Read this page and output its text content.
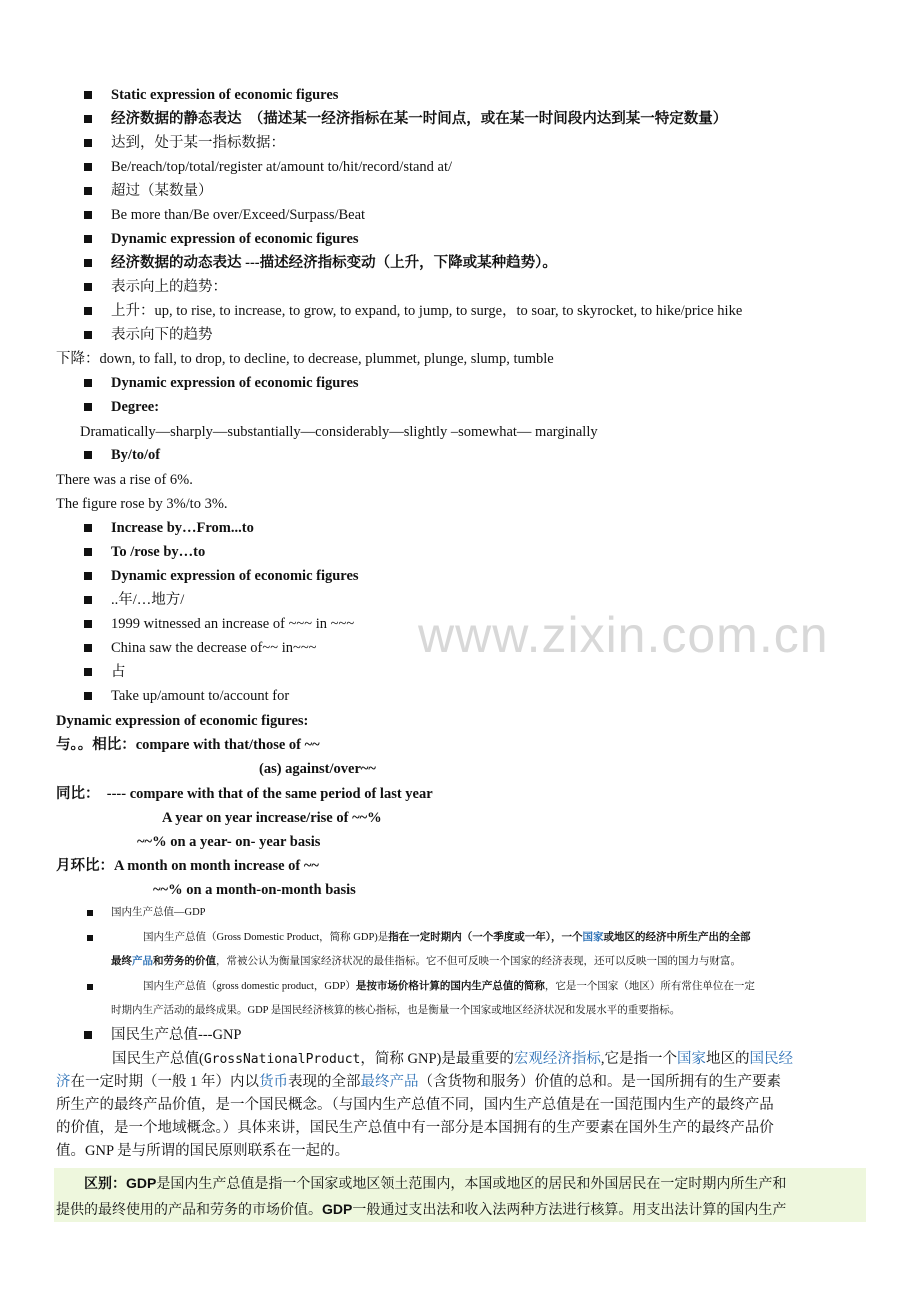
www.zixin.com.cn
Static expression of economic figures
经济数据的静态表达　（描述某一经济指标在某一时间点，或在某一时间段内达到某一特定数量）
达到，处于某一指标数据：
Be/reach/top/total/register at/amount to/hit/record/stand at/
超过（某数量）
Be more than/Be over/Exceed/Surpass/Beat
Dynamic expression of economic figures
经济数据的动态表达 ---描述经济指标变动（上升，下降或某种趋势）。
表示向上的趋势：
上升：up, to rise, to increase, to grow, to expand, to jump, to surge，to soar, to skyrocket, to hike/price hike
表示向下的趋势
下降：down, to fall, to drop, to decline, to decrease, plummet, plunge, slump, tumble
Dynamic expression of economic figures
Degree:
Dramatically—sharply—substantially—considerably—slightly –somewhat— marginally
By/to/of
There was a rise of 6%.
The figure rose by 3%/to 3%.
Increase by…From...to
To /rose by…to
Dynamic expression of economic figures
..年/…地方/
1999 witnessed an increase of ~~~ in ~~~
China saw the decrease of~~ in~~~
占
Take up/amount to/account for
Dynamic expression of economic figures:
与。。相比：compare with that/those of ~~
(as) against/over~~
同比：　---- compare with that of the same period of last year
A year on year increase/rise of ~~%
~~% on a year- on- year basis
月环比：A month on month increase of ~~
~~% on a month-on-month basis
国内生产总值—GDP
国内生产总值（Gross Domestic Product，简称 GDP)是指在一定时期内（一个季度或一年），一个国家或地区的经济中所生产出的全部
最终产品和劳务的价值，常被公认为衡量国家经济状况的最佳指标。它不但可反映一个国家的经济表现，还可以反映一国的国力与财富。
国内生产总值（gross domestic product，GDP）是按市场价格计算的国内生产总值的简称，它是一个国家（地区）所有常住单位在一定
时期内生产活动的最终成果。GDP 是国民经济核算的核心指标，也是衡量一个国家或地区经济状况和发展水平的重要指标。
国民生产总值---GNP
国民生产总值(GrossNationalProduct，简称 GNP)是最重要的宏观经济指标,它是指一个国家地区的国民经
济在一定时期（一般 1 年）内以货币表现的全部最终产品（含货物和服务）价值的总和。是一国所拥有的生产要素
所生产的最终产品价值，是一个国民概念。（与国内生产总值不同，国内生产总值是在一国范围内生产的最终产品
的价值，是一个地域概念。）具体来讲，国民生产总值中有一部分是本国拥有的生产要素在国外生产的最终产品价
值。GNP 是与所谓的国民原则联系在一起的。
区别：GDP是国内生产总值是指一个国家或地区领土范围内，本国或地区的居民和外国居民在一定时期内所生产和
提供的最终使用的产品和劳务的市场价值。GDP一般通过支出法和收入法两种方法进行核算。用支出法计算的国内生产
